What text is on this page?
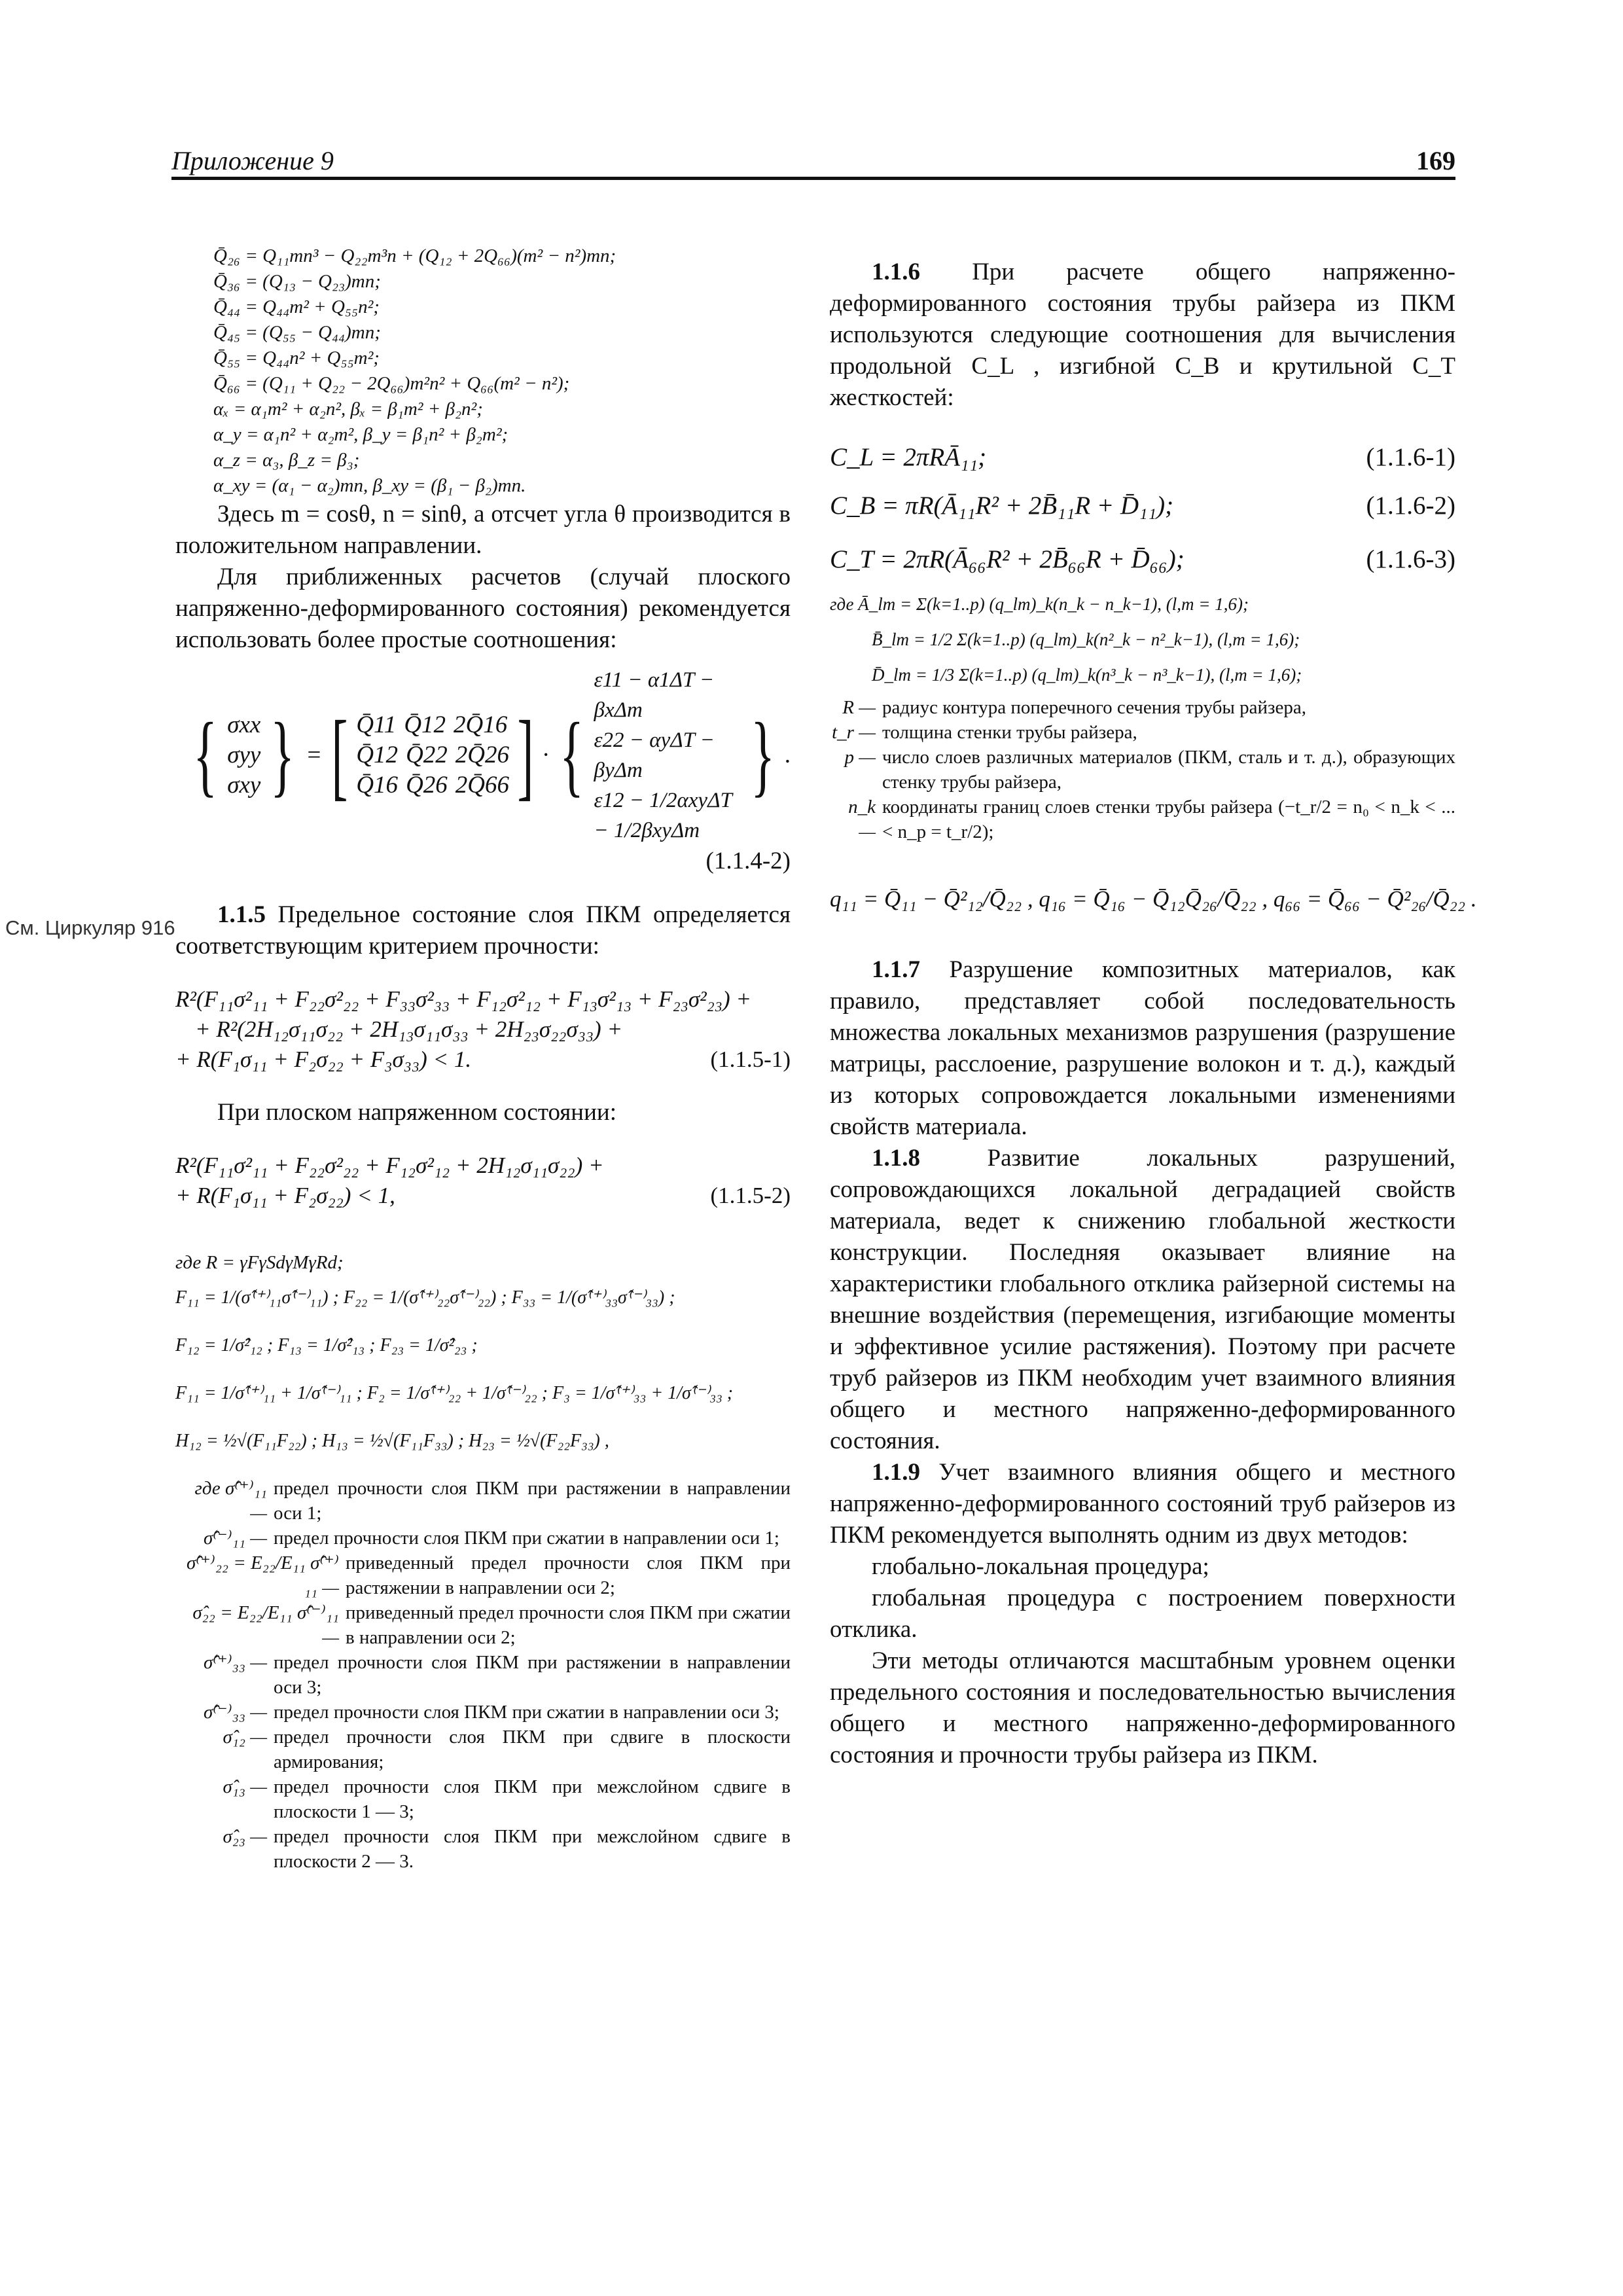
Приложение 9	169
См. Циркуляр 916
Q̄₂₆ = Q₁₁mn³ − Q₂₂m³n + (Q₁₂ + 2Q₆₆)(m² − n²)mn;
Q̄₃₆ = (Q₁₃ − Q₂₃)mn;
Q̄₄₄ = Q₄₄m² + Q₅₅n²;
Q̄₄₅ = (Q₅₅ − Q₄₄)mn;
Q̄₅₅ = Q₄₄n² + Q₅₅m²;
Q̄₆₆ = (Q₁₁ + Q₂₂ − 2Q₆₆)m²n² + Q₆₆(m² − n²);
αₓ = α₁m² + α₂n², βₓ = β₁m² + β₂n²;
α_y = α₁n² + α₂m², β_y = β₁n² + β₂m²;
α_z = α₃, β_z = β₃;
α_xy = (α₁ − α₂)mn, β_xy = (β₁ − β₂)mn.

Здесь m = cosθ, n = sinθ, а отсчет угла θ производится в положительном направлении.

Для приближенных расчетов (случай плоского напряженно-деформированного состояния) рекомендуется использовать более простые соотношения:

{ σxx
σyy
σxy } = [ Q̄11 Q̄12 2Q̄16
Q̄12 Q̄22 2Q̄26
Q̄16 Q̄26 2Q̄66 ] · {
ε11 − α1ΔT − βxΔm
ε22 − αyΔT − βyΔm
ε12 − 1/2αxyΔT − 1/2βxyΔm
} .
(1.1.4-2)

1.1.5 Предельное состояние слоя ПКМ определяется соответствующим критерием прочности:

R²(F₁₁σ²₁₁ + F₂₂σ²₂₂ + F₃₃σ²₃₃ + F₁₂σ²₁₂ + F₁₃σ²₁₃ + F₂₃σ²₂₃) +
+ R²(2H₁₂σ₁₁σ₂₂ + 2H₁₃σ₁₁σ₃₃ + 2H₂₃σ₂₂σ₃₃) +
+ R(F₁σ₁₁ + F₂σ₂₂ + F₃σ₃₃) < 1.	(1.1.5-1)

При плоском напряженном состоянии:

R²(F₁₁σ²₁₁ + F₂₂σ²₂₂ + F₁₂σ²₁₂ + 2H₁₂σ₁₁σ₂₂) +
+ R(F₁σ₁₁ + F₂σ₂₂) < 1,	(1.1.5-2)
где R = γFγSdγMγRd;
F₁₁ = 1/(σ̂⁽⁺⁾₁₁σ̂⁽⁻⁾₁₁) ; F₂₂ = 1/(σ̂⁽⁺⁾₂₂σ̂⁽⁻⁾₂₂) ; F₃₃ = 1/(σ̂⁽⁺⁾₃₃σ̂⁽⁻⁾₃₃) ;
F₁₂ = 1/σ̂²₁₂ ; F₁₃ = 1/σ̂²₁₃ ; F₂₃ = 1/σ̂²₂₃ ;
F₁₁ = 1/σ̂⁽⁺⁾₁₁ + 1/σ̂⁽⁻⁾₁₁ ; F₂ = 1/σ̂⁽⁺⁾₂₂ + 1/σ̂⁽⁻⁾₂₂ ; F₃ = 1/σ̂⁽⁺⁾₃₃ + 1/σ̂⁽⁻⁾₃₃ ;
H₁₂ = ½√(F₁₁F₂₂) ; H₁₃ = ½√(F₁₁F₃₃) ; H₂₃ = ½√(F₂₂F₃₃) ,
где σ̂⁽⁺⁾₁₁ —
предел прочности слоя ПКМ при растяжении в направлении оси 1;
σ̂⁽⁻⁾₁₁ — предел прочности слоя ПКМ при сжатии в направлении оси 1;
σ̂⁽⁺⁾₂₂ = E₂₂/E₁₁ σ̂⁽⁺⁾₁₁ —
приведенный предел прочности слоя ПКМ при растяжении в направлении оси 2;
σ̂₂₂ = E₂₂/E₁₁ σ̂⁽⁻⁾₁₁ —
приведенный предел прочности слоя ПКМ при сжатии в направлении оси 2;
σ̂⁽⁺⁾₃₃ — предел прочности слоя ПКМ при растяжении в направлении оси 3;
σ̂⁽⁻⁾₃₃ — предел прочности слоя ПКМ при сжатии в направлении оси 3;
σ̂₁₂ — предел прочности слоя ПКМ при сдвиге в плоскости армирования;
σ̂₁₃ — предел прочности слоя ПКМ при межслойном сдвиге в плоскости 1 — 3;
σ̂₂₃ — предел прочности слоя ПКМ при межслойном сдвиге в плоскости 2 — 3.

1.1.6 При расчете общего напряженно-деформированного состояния трубы райзера из ПКМ используются следующие соотношения для вычисления продольной C_L , изгибной C_B и крутильной C_T жесткостей:

C_L = 2πRĀ₁₁;	(1.1.6-1)
C_B = πR(Ā₁₁R² + 2B̄₁₁R + D̄₁₁);	(1.1.6-2)
C_T = 2πR(Ā₆₆R² + 2B̄₆₆R + D̄₆₆);	(1.1.6-3)
где Ā_lm = Σ(k=1..p) (q_lm)_k(n_k − n_k−1), (l,m = 1,6);
B̄_lm = 1/2 Σ(k=1..p) (q_lm)_k(n²_k − n²_k−1), (l,m = 1,6);
D̄_lm = 1/3 Σ(k=1..p) (q_lm)_k(n³_k − n³_k−1), (l,m = 1,6);
R — радиус контура поперечного сечения трубы райзера,
t_r — толщина стенки трубы райзера,
p — число слоев различных материалов (ПКМ, сталь и т. д.), образующих стенку трубы райзера,
n_k —
координаты границ слоев стенки трубы райзера (−t_r/2 = n₀ < n_k < ... < n_p = t_r/2);
q₁₁ = Q̄₁₁ − Q̄²₁₂/Q̄₂₂ , q₁₆ = Q̄₁₆ − Q̄₁₂Q̄₂₆/Q̄₂₂ , q₆₆ = Q̄₆₆ − Q̄²₂₆/Q̄₂₂ .

1.1.7 Разрушение композитных материалов, как правило, представляет собой последовательность множества локальных механизмов разрушения (разрушение матрицы, расслоение, разрушение волокон и т. д.), каждый из которых сопровождается локальными изменениями свойств материала.

1.1.8 Развитие локальных разрушений, сопровождающихся локальной деградацией свойств материала, ведет к снижению глобальной жесткости конструкции. Последняя оказывает влияние на характеристики глобального отклика райзерной системы на внешние воздействия (перемещения, изгибающие моменты и эффективное усилие растяжения). Поэтому при расчете труб райзеров из ПКМ необходим учет взаимного влияния общего и местного напряженно-деформированного состояния.

1.1.9 Учет взаимного влияния общего и местного напряженно-деформированного состояний труб райзеров из ПКМ рекомендуется выполнять одним из двух методов:

глобально-локальная процедура;

глобальная процедура с построением поверхности отклика.

Эти методы отличаются масштабным уровнем оценки предельного состояния и последовательностью вычисления общего и местного напряженно-деформированного состояния и прочности трубы райзера из ПКМ.
